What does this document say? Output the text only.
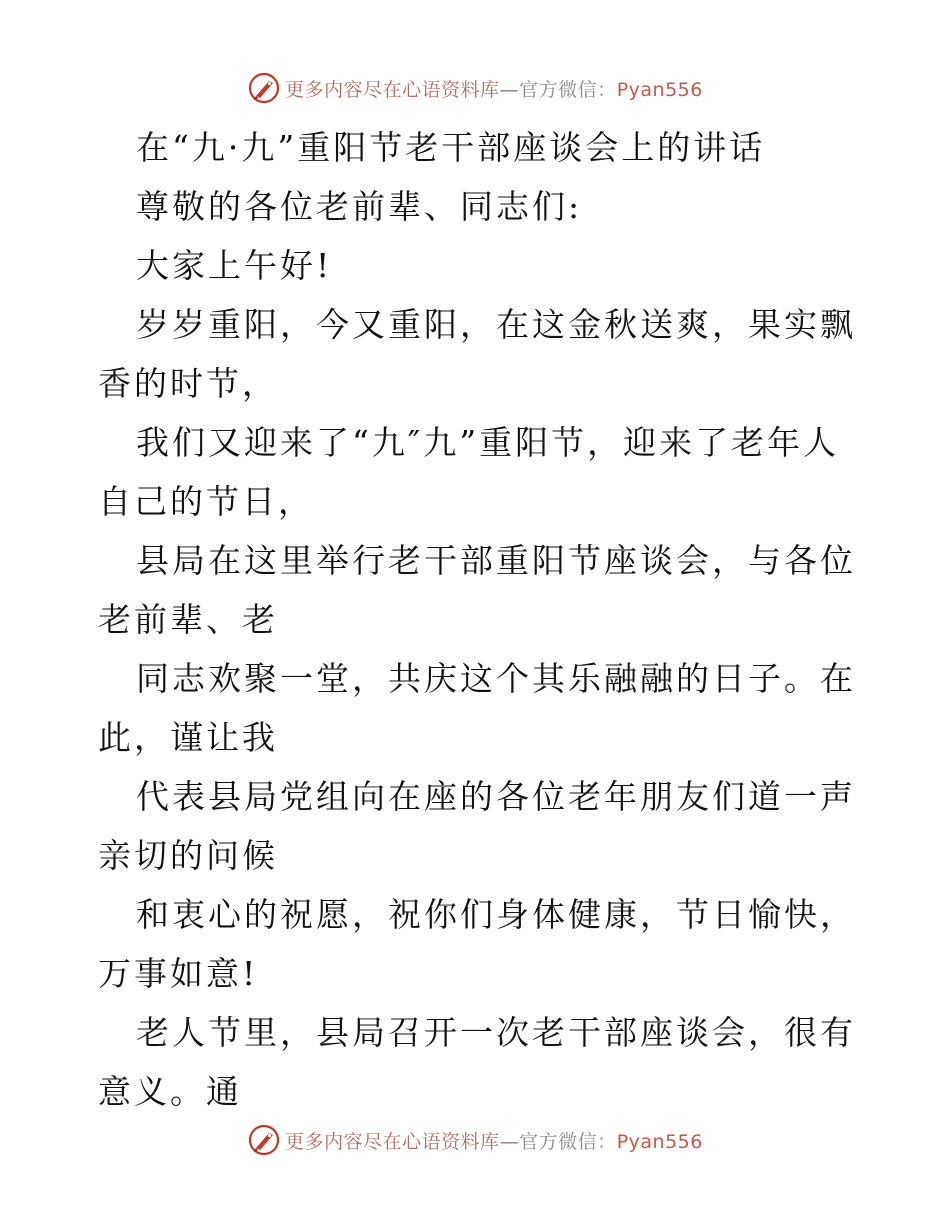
更多内容尽在心语资料库—官方微信：Pyan556

在“九·九”重阳节老干部座谈会上的讲话

尊敬的各位老前辈、同志们:

大家上午好!

岁岁重阳，今又重阳，在这金秋送爽，果实飘香的时节，

我们又迎来了“九″九”重阳节，迎来了老年人自己的节日，

县局在这里举行老干部重阳节座谈会，与各位老前辈、老

同志欢聚一堂，共庆这个其乐融融的日子。在此，谨让我

代表县局党组向在座的各位老年朋友们道一声亲切的问候

和衷心的祝愿，祝你们身体健康，节日愉快，万事如意!

老人节里，县局召开一次老干部座谈会，很有意义。通

更多内容尽在心语资料库—官方微信：Pyan556
